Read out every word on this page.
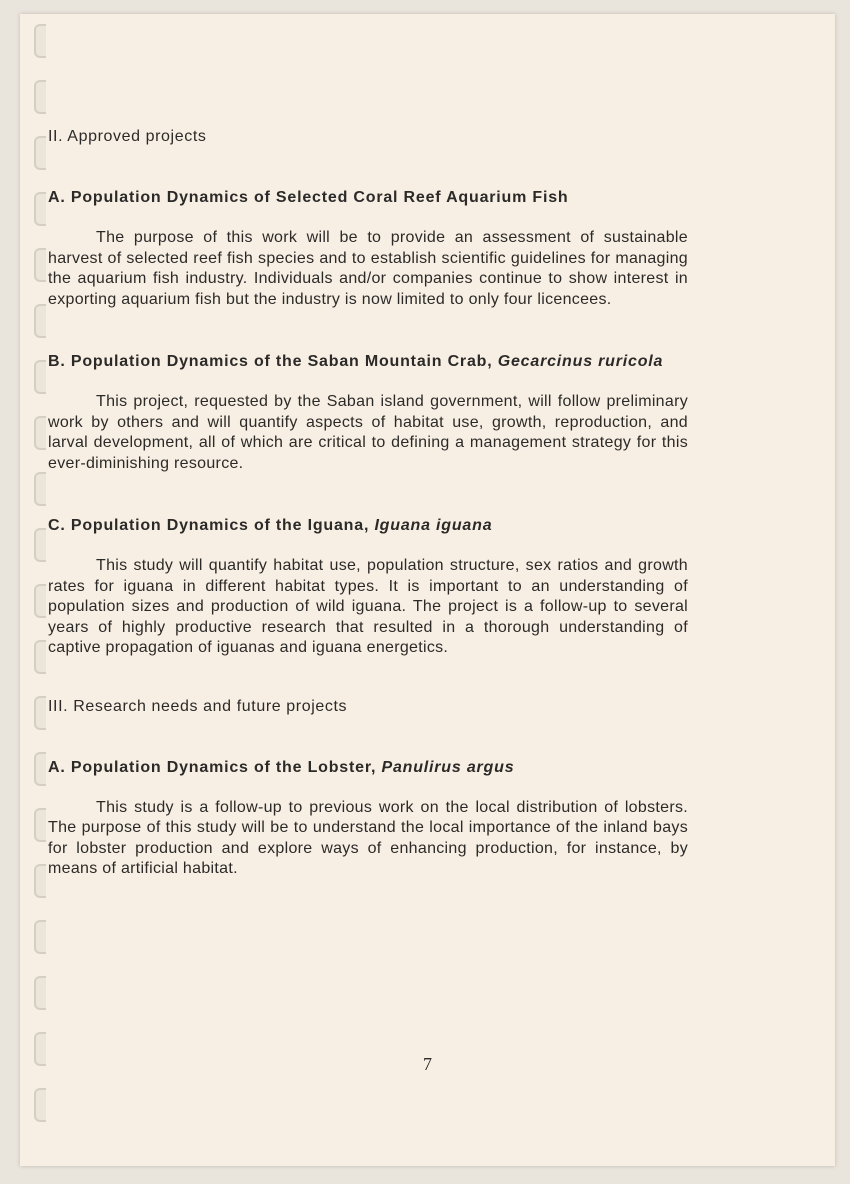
7

II. Approved projects

A. Population Dynamics of Selected Coral Reef Aquarium Fish

The purpose of this work will be to provide an assessment of sustainable harvest of selected reef fish species and to establish scientific guidelines for managing the aquarium fish industry. Individuals and/or companies continue to show interest in exporting aquarium fish but the industry is now limited to only four licencees.

B. Population Dynamics of the Saban Mountain Crab, Gecarcinus ruricola

This project, requested by the Saban island government, will follow preliminary work by others and will quantify aspects of habitat use, growth, reproduction, and larval development, all of which are critical to defining a management strategy for this ever-diminishing resource.

C. Population Dynamics of the Iguana, Iguana iguana

This study will quantify habitat use, population structure, sex ratios and growth rates for iguana in different habitat types. It is important to an understanding of population sizes and production of wild iguana. The project is a follow-up to several years of highly productive research that resulted in a thorough understanding of captive propagation of iguanas and iguana energetics.

III. Research needs and future projects

A. Population Dynamics of the Lobster, Panulirus argus

This study is a follow-up to previous work on the local distribution of lobsters. The purpose of this study will be to understand the local importance of the inland bays for lobster production and explore ways of enhancing production, for instance, by means of artificial habitat.
